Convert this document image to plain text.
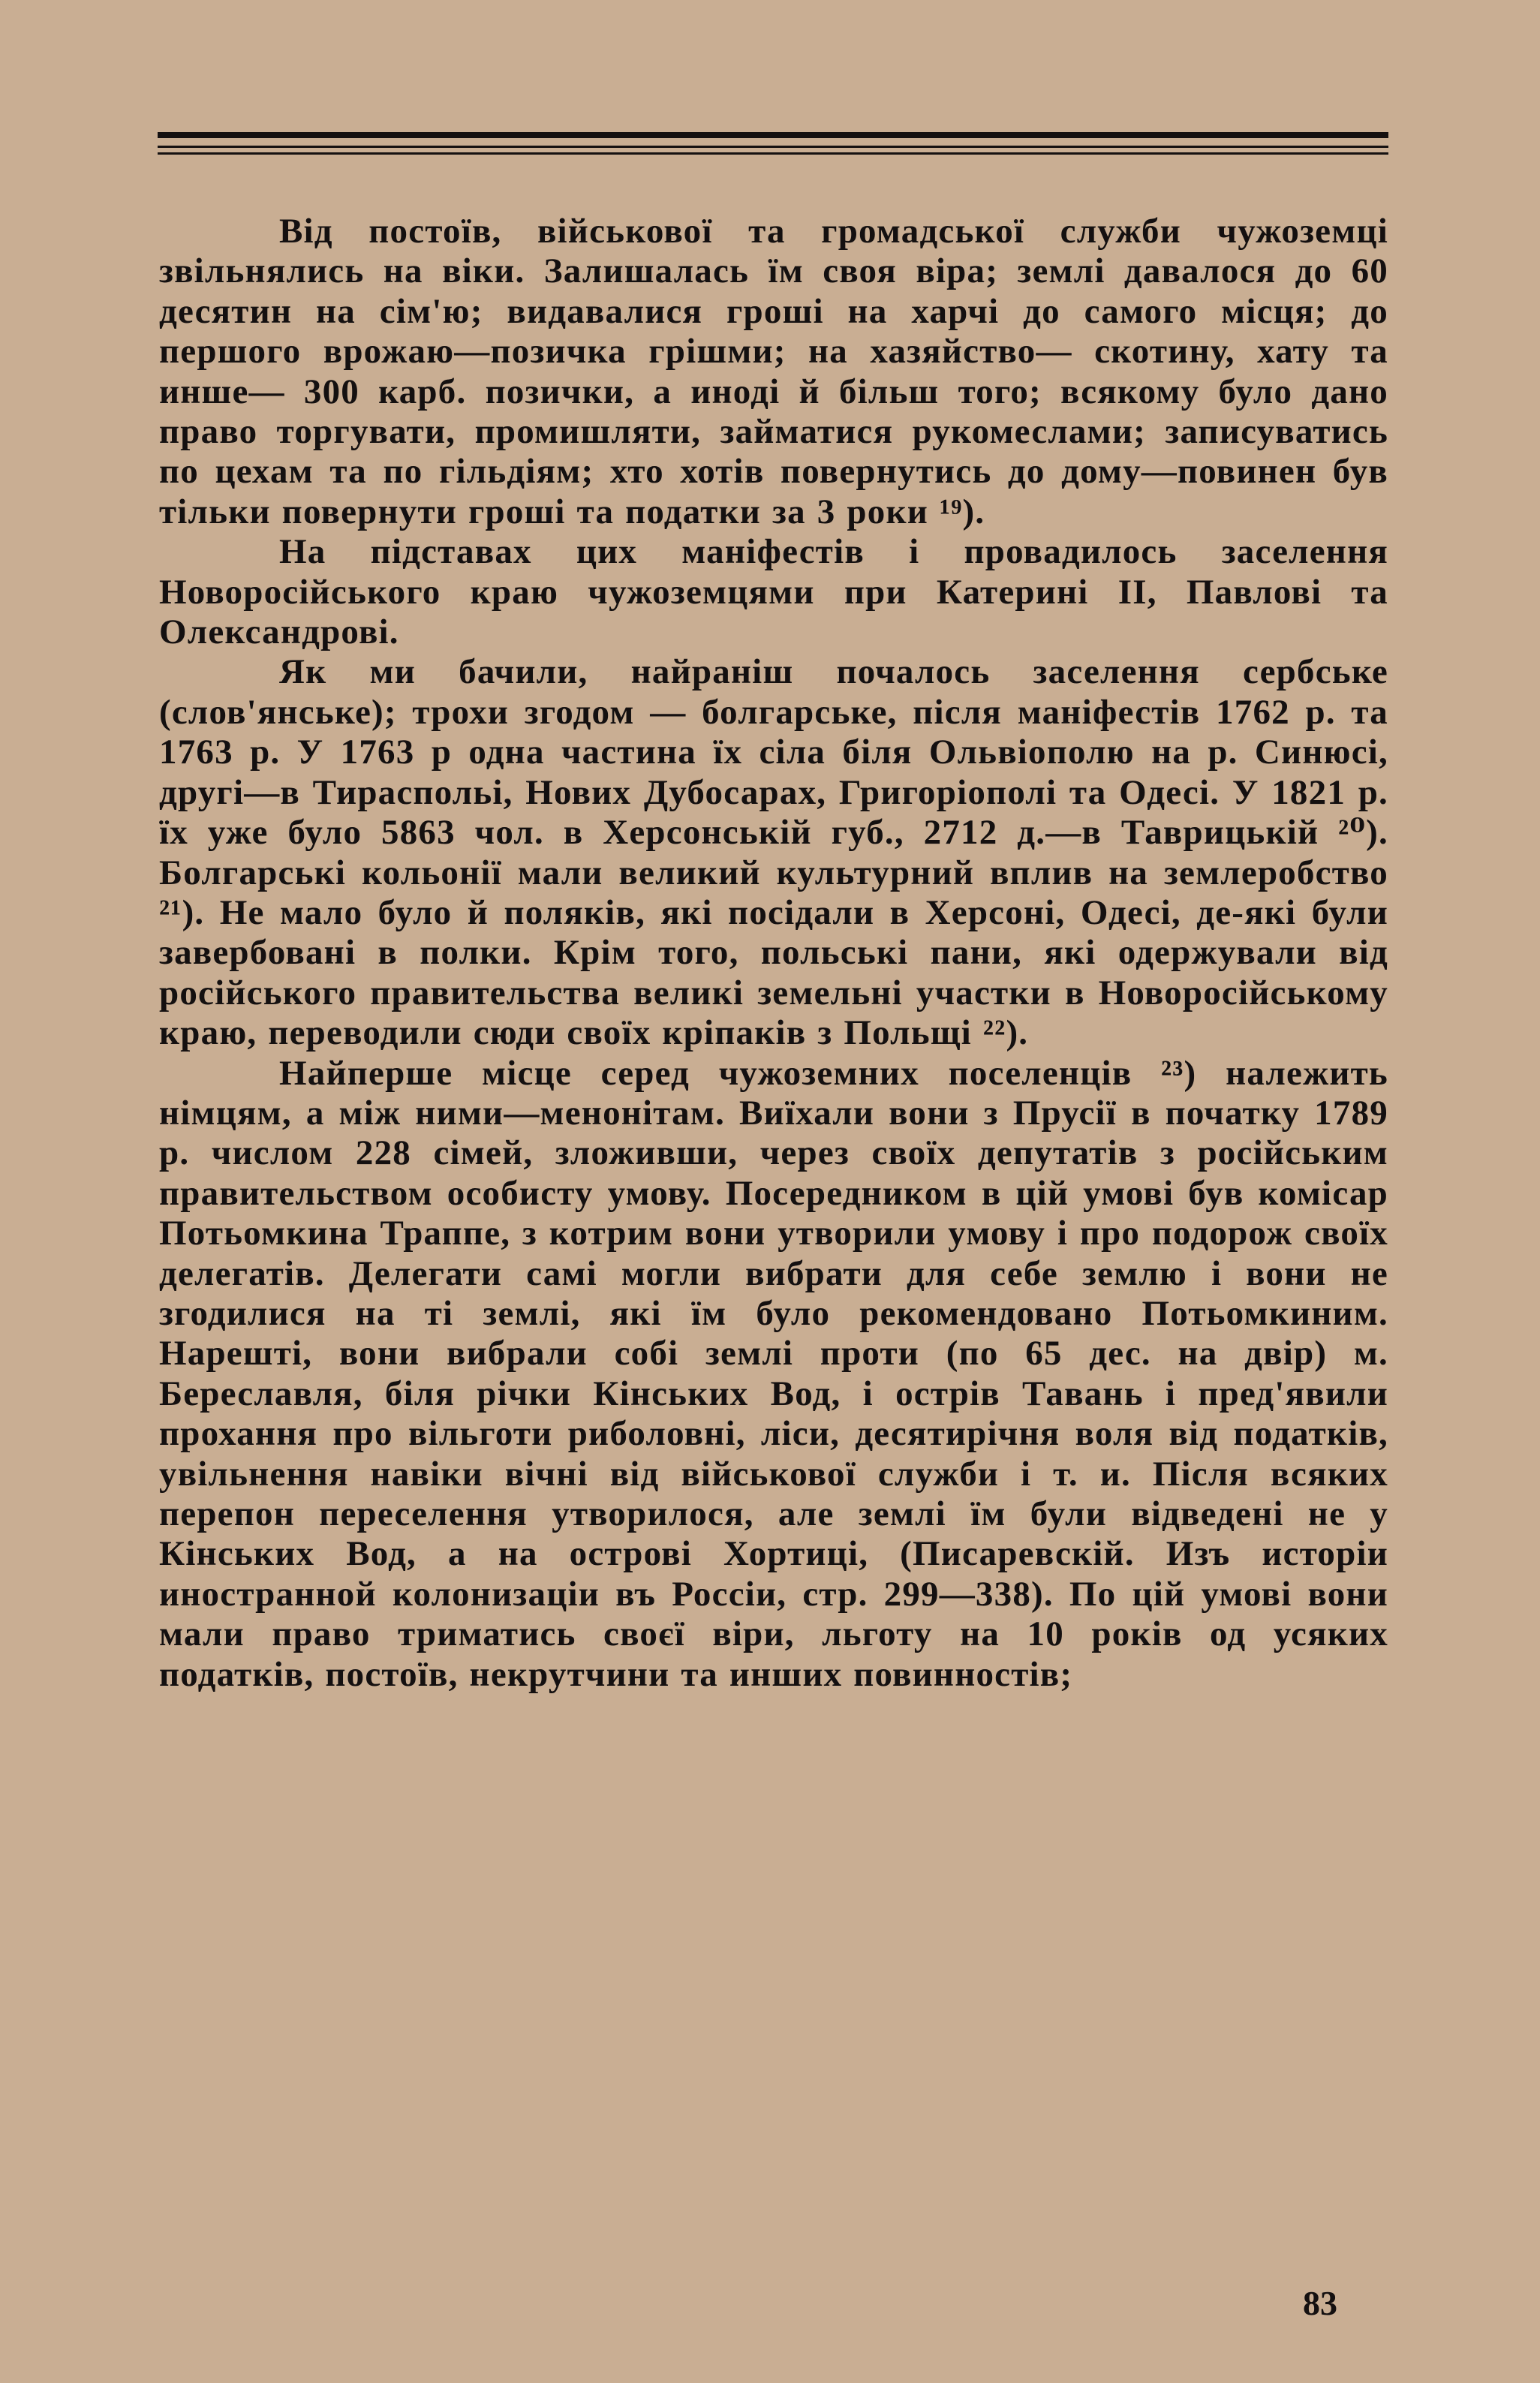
Від постоїв, військової та громадської служби чужоземці звільнялись на віки. Залишалась їм своя віра; землі давалося до 60 десятин на сім'ю; видавалися гроші на харчі до самого місця; до першого врожаю—позичка грішми; на хазяйство— скотину, хату та инше— 300 карб. позички, а иноді й більш того; всякому було дано право торгувати, промишляти, займатися рукомеслами; записуватись по цехам та по гільдіям; хто хотів повернутись до дому—повинен був тільки повернути гроші та податки за 3 роки ¹⁹).

На підставах цих маніфестів і провадилось заселення Новоросійського краю чужоземцями при Катерині II, Павлові та Олександрові.

Як ми бачили, найраніш почалось заселення сербське (слов'янське); трохи згодом — болгарське, після маніфестів 1762 р. та 1763 р. У 1763 р одна частина їх сіла біля Ольвіополю на р. Синюсі, другі—в Тираспольі, Нових Дубосарах, Григоріополі та Одесі. У 1821 р. їх уже було 5863 чол. в Херсонській губ., 2712 д.—в Таврицькій ²⁰). Болгарські кольонії мали великий культурний вплив на землеробство ²¹). Не мало було й поляків, які посідали в Херсоні, Одесі, де-які були завербовані в полки. Крім того, польські пани, які одержували від російського правительства великі земельні участки в Новоросійському краю, переводили сюди своїх кріпаків з Польщі ²²).

Найперше місце серед чужоземних поселенців ²³) належить німцям, а між ними—менонітам. Виїхали вони з Прусії в початку 1789 р. числом 228 сімей, зложивши, через своїх депутатів з російським правительством особисту умову. Посередником в цій умові був комісар Потьомкина Траппе, з котрим вони утворили умову і про подорож своїх делегатів. Делегати самі могли вибрати для себе землю і вони не згодилися на ті землі, які їм було рекомендовано Потьомкиним. Нарешті, вони вибрали собі землі проти (по 65 дес. на двір) м. Береславля, біля річки Кінських Вод, і острів Тавань і пред'явили прохання про вільготи риболовні, ліси, десятирічня воля від податків, увільнення навіки вічні від військової служби і т. и. Після всяких перепон переселення утворилося, але землі їм були відведені не у Кінських Вод, а на острові Хортиці, (Писаревскій. Изъ исторіи иностранной колонизаціи въ Россіи, стр. 299—338). По цій умові вони мали право триматись своєї віри, льготу на 10 років од усяких податків, постоїв, некрутчини та инших повинностів;

83
